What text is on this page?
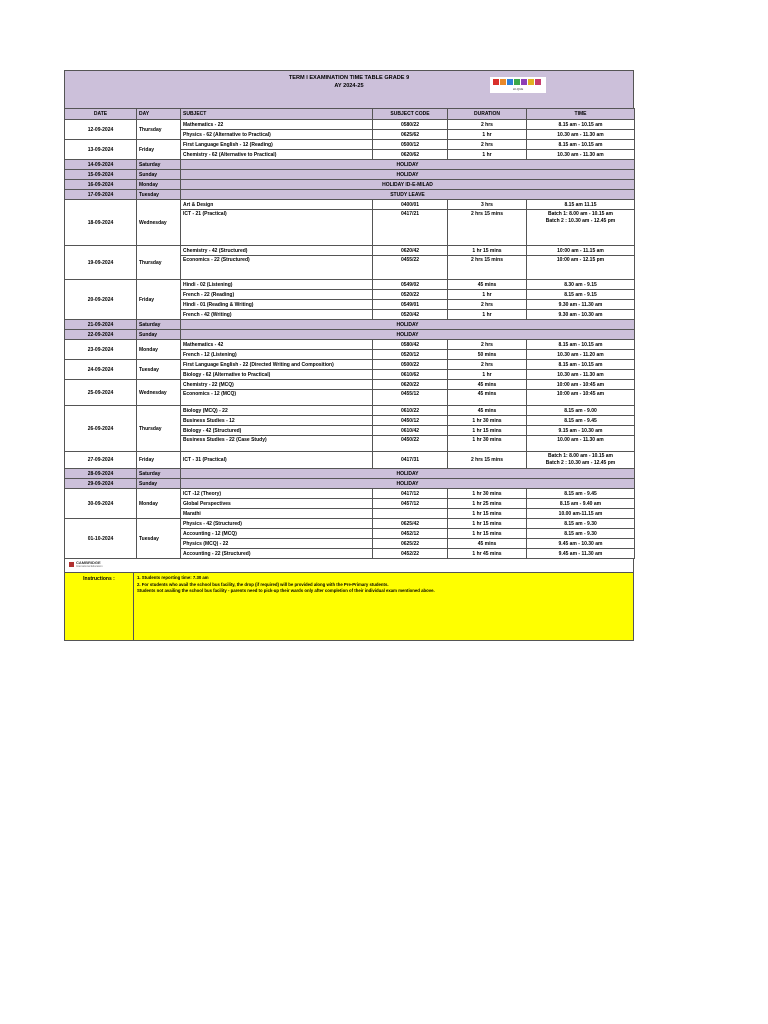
TERM I EXAMINATION TIME TABLE GRADE 9
AY 2024-25	HI-QUE
DATE	DAY	SUBJECT	SUBJECT CODE	DURATION	TIME
12-09-2024	Thursday	Mathematics - 22	0580/22	2 hrs	8.15 am - 10.15 am

		Physics - 62 (Alternative to Practical)	0625/62	1 hr	10.30 am - 11.30 am

13-09-2024	Friday	First Language English - 12 (Reading)	0500/12	2 hrs	8.15 am - 10.15 am

		Chemistry - 62 (Alternative to Practical)	0620/62	1 hr	10.30 am - 11.30 am

14-09-2024	Saturday	HOLIDAY			
15-09-2024	Sunday	HOLIDAY			
16-09-2024	Monday	HOLIDAY ID-E-MILAD			
17-09-2024	Tuesday	STUDY LEAVE			
18-09-2024	Wednesday	Art & Design	0400/01	3 hrs	8.15 am 11.15

		ICT - 21 (Practical)	0417/21	2 hrs 15 mins	Batch 1: 8.00 am - 10.15 am
Batch 2 : 10.30 am - 12.45 pm

19-09-2024	Thursday	Chemistry - 42 (Structured)	0620/42	1 hr 15 mins	10:00 am - 11.15 am

		Economics - 22 (Structured)	0455/22	2 hrs 15 mins	10:00 am - 12.15 pm

20-09-2024	Friday	Hindi - 02 (Listening)	0549/02	45 mins	8.30 am - 9.15

		French - 22 (Reading)	0520/22	1 hr	8.15 am - 9.15

		Hindi - 01 (Reading & Writing)	0549/01	2 hrs	9.30 am - 11.30 am

		French - 42 (Writing)	0520/42	1 hr	9.30 am - 10.30 am

21-09-2024	Saturday	HOLIDAY			
22-09-2024	Sunday	HOLIDAY			
23-09-2024	Monday	Mathematics - 42	0580/42	2 hrs	8.15 am - 10.15 am

		French - 12 (Listening)	0520/12	50 mins	10.30 am - 11.20 am

24-09-2024	Tuesday	First Language English - 22 (Directed Writing and Composition)	0500/22	2 hrs	8.15 am - 10.15 am

		Biology - 62 (Alternative to Practical)	0610/62	1 hr	10.30 am - 11.30 am

25-09-2024	Wednesday	Chemistry - 22 (MCQ)	0620/22	45 mins	10:00 am - 10:45 am

		Economics - 12 (MCQ)	0455/12	45 mins	10:00 am - 10:45 am

26-09-2024	Thursday	Biology (MCQ) - 22	0610/22	45 mins	8.15 am - 9.00

		Business Studies - 12	0450/12	1 hr 30 mins	8.15 am - 9.45

		Biology - 42 (Structured)	0610/42	1 hr 15 mins	9.15 am - 10.30 am

		Business Studies - 22 (Case Study)	0450/22	1 hr 30 mins	10.00 am - 11.30 am

27-09-2024	Friday	ICT - 31 (Practical)	0417/31	2 hrs 15 mins	Batch 1: 8.00 am - 10.15 am
Batch 2 : 10.30 am - 12.45 pm

28-09-2024	Saturday	HOLIDAY			
29-09-2024	Sunday	HOLIDAY			
30-09-2024	Monday	ICT -12 (Theory)	0417/12	1 hr 30 mins	8.15 am - 9.45

		Global Perspectives	0457/12	1 hr 25 mins	8.15 am - 9.40 am

		Marathi		1 hr 15 mins	10.00 am-11.15 am

01-10-2024	Tuesday	Physics - 42 (Structured)	0625/42	1 hr 15 mins	8.15 am - 9.30

		Accounting - 12 (MCQ)	0452/12	1 hr 15 mins	8.15 am - 9.30

		Physics (MCQ) - 22	0625/22	45 mins	9.45 am - 10.30 am

		Accounting - 22 (Structured)	0452/22	1 hr 45 mins	9.45 am - 11.30 am
CAMBRIDGE
International Education
Instructions :	1. Students reporting time: 7.30 am
2. For students who avail the school bus facility, the drop (if required) will be provided along with the Pre-Primary students.
Students not availing the school bus facility - parents need to pick-up their wards only after completion of their individual exam mentioned above.
